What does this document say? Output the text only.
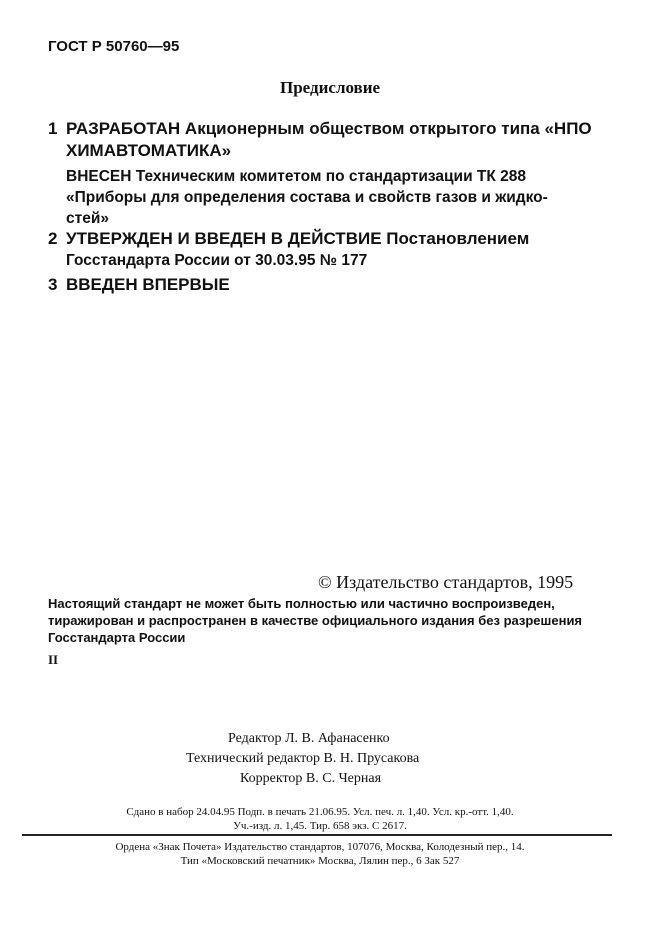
ГОСТ Р 50760—95
Предисловие
1 РАЗРАБОТАН Акционерным обществом открытого типа «НПО

ХИМАВТОМАТИКА»
ВНЕСЕН Техническим комитетом по стандартизации ТК 288
«Приборы для определения состава и свойств газов и жидко-
стей»
2 УТВЕРЖДЕН И ВВЕДЕН В ДЕЙСТВИЕ Постановлением

Госстандарта России от 30.03.95 № 177
3 ВВЕДЕН ВПЕРВЫЕ
© Издательство стандартов, 1995
Настоящий стандарт не может быть полностью или частично воспроизведен, тиражирован и распространен в качестве официального издания без разрешения Госстандарта России
II
Редактор Л. В. Афанасенко
Технический редактор В. Н. Прусакова
Корректор В. С. Черная
Сдано в набор 24.04.95 Подп. в печать 21.06.95. Усл. печ. л. 1,40. Усл. кр.-отт. 1,40.
Уч.-изд. л. 1,45. Тир. 658 экз. С 2617.
Ордена «Знак Почета» Издательство стандартов, 107076, Москва, Колодезный пер., 14.
Тип «Московский печатник» Москва, Лялин пер., 6 Зак 527
